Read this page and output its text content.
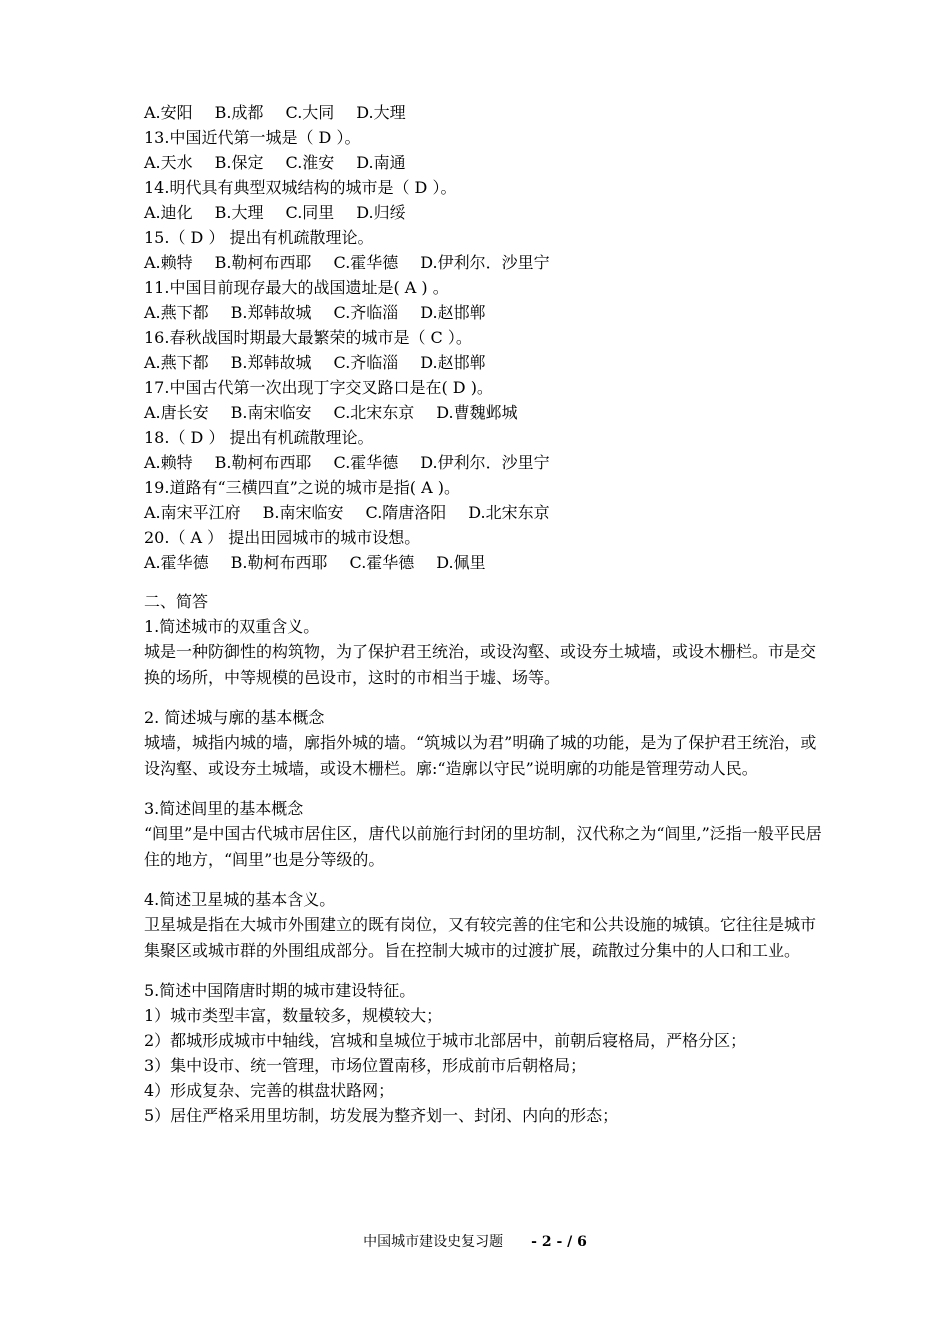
A.安阳 B.成都 C.大同 D.大理
13.中国近代第一城是（ D ）。
A.天水 B.保定 C.淮安 D.南通
14.明代具有典型双城结构的城市是（ D ）。
A.迪化 B.大理 C.同里 D.归绥
15.（ D ） 提出有机疏散理论。
A.赖特 B.勒柯布西耶 C.霍华德 D.伊利尔．沙里宁
11.中国目前现存最大的战国遗址是( A ) 。
A.燕下都 B.郑韩故城 C.齐临淄 D.赵邯郸
16.春秋战国时期最大最繁荣的城市是（ C ）。
A.燕下都 B.郑韩故城 C.齐临淄 D.赵邯郸
17.中国古代第一次出现丁字交叉路口是在( D )。
A.唐长安 B.南宋临安 C.北宋东京 D.曹魏邺城
18.（ D ） 提出有机疏散理论。
A.赖特 B.勒柯布西耶 C.霍华德 D.伊利尔．沙里宁
19.道路有“三横四直”之说的城市是指( A )。
A.南宋平江府 B.南宋临安 C.隋唐洛阳 D.北宋东京
20.（ A ） 提出田园城市的城市设想。
A.霍华德 B.勒柯布西耶 C.霍华德 D.佩里
二、简答
1.简述城市的双重含义。
城是一种防御性的构筑物，为了保护君王统治，或设沟壑、或设夯土城墙，或设木栅栏。市是交换的场所，中等规模的邑设市，这时的市相当于墟、场等。
2. 简述城与廓的基本概念
城墙，城指内城的墙，廓指外城的墙。“筑城以为君”明确了城的功能，是为了保护君王统治，或设沟壑、或设夯土城墙，或设木栅栏。廓:“造廓以守民”说明廓的功能是管理劳动人民。
3.简述闾里的基本概念
“闾里”是中国古代城市居住区，唐代以前施行封闭的里坊制，汉代称之为“闾里,”泛指一般平民居住的地方，“闾里”也是分等级的。
4.简述卫星城的基本含义。
卫星城是指在大城市外围建立的既有岗位，又有较完善的住宅和公共设施的城镇。它往往是城市集聚区或城市群的外围组成部分。旨在控制大城市的过渡扩展，疏散过分集中的人口和工业。
5.简述中国隋唐时期的城市建设特征。
1）城市类型丰富，数量较多，规模较大；
2）都城形成城市中轴线，宫城和皇城位于城市北部居中，前朝后寝格局，严格分区；
3）集中设市、统一管理，市场位置南移，形成前市后朝格局；
4）形成复杂、完善的棋盘状路网；
5）居住严格采用里坊制，坊发展为整齐划一、封闭、内向的形态；
中国城市建设史复习题 - 2 - / 6
